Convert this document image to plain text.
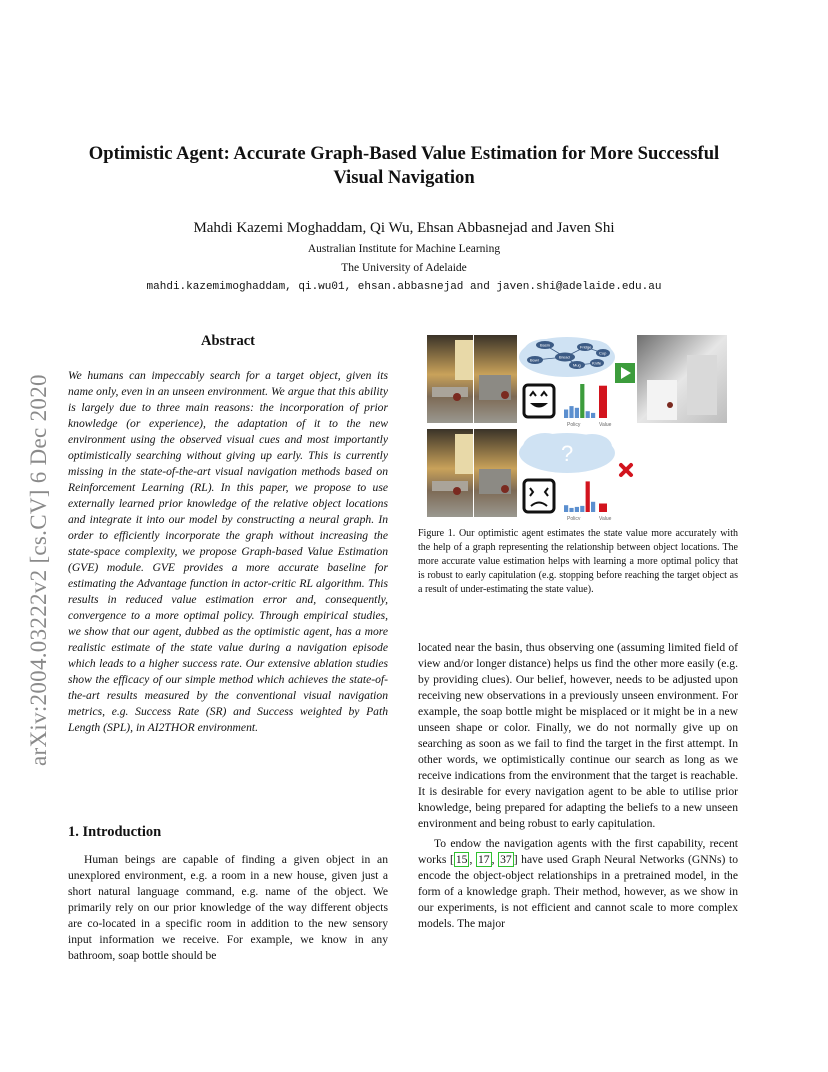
arXiv:2004.03222v2 [cs.CV] 6 Dec 2020
Optimistic Agent: Accurate Graph-Based Value Estimation for More Successful
Visual Navigation
Mahdi Kazemi Moghaddam, Qi Wu, Ehsan Abbasnejad and Javen Shi
Australian Institute for Machine Learning
The University of Adelaide
mahdi.kazemimoghaddam, qi.wu01, ehsan.abbasnejad and javen.shi@adelaide.edu.au
Abstract
We humans can impeccably search for a target object, given its name only, even in an unseen environment. We argue that this ability is largely due to three main reasons: the incorporation of prior knowledge (or experience), the adaptation of it to the new environment using the observed visual cues and most importantly optimistically searching without giving up early. This is currently missing in the state-of-the-art visual navigation methods based on Reinforcement Learning (RL). In this paper, we propose to use externally learned prior knowledge of the relative object locations and integrate it into our model by constructing a neural graph. In order to efficiently incorporate the graph without increasing the state-space complexity, we propose Graph-based Value Estimation (GVE) module. GVE provides a more accurate baseline for estimating the Advantage function in actor-critic RL algorithm. This results in reduced value estimation error and, consequently, convergence to a more optimal policy. Through empirical studies, we show that our agent, dubbed as the optimistic agent, has a more realistic estimate of the state value during a navigation episode which leads to a higher success rate. Our extensive ablation studies show the efficacy of our simple method which achieves the state-of-the-art results measured by the conventional visual navigation metrics, e.g. Success Rate (SR) and Success weighted by Path Length (SPL), in AI2THOR environment.
1. Introduction
Human beings are capable of finding a given object in an unexplored environment, e.g. a room in a new house, given just a short natural language command, e.g. name of the object. We primarily rely on our prior knowledge of the way different objects are co-located in a specific room in addition to the new sensory input information we receive. For example, we know in any bathroom, soap bottle should be
Fridge
Basin
Bowl
Bread
Mug
Cup
Knife
Policy	Value
?
Policy	Value
Figure 1. Our optimistic agent estimates the state value more accurately with the help of a graph representing the relationship between object locations. The more accurate value estimation helps with learning a more optimal policy that is robust to early capitulation (e.g. stopping before reaching the target object as a result of under-estimating the state value).

located near the basin, thus observing one (assuming limited field of view and/or longer distance) helps us find the other more easily (e.g. by providing clues). Our belief, however, needs to be adjusted upon receiving new observations in a previously unseen environment. For example, the soap bottle might be misplaced or it might be in a new unseen shape or color. Finally, we do not normally give up on searching as soon as we fail to find the target in the first attempt. In other words, we optimistically continue our search as long as we receive indications from the environment that the target is reachable. It is desirable for every navigation agent to be able to utilise prior knowledge, being prepared for adapting the beliefs to a new unseen environment and being robust to early capitulation.

To endow the navigation agents with the first capability, recent works [ 15 , 17 , 37 ] have used Graph Neural Networks (GNNs) to encode the object-object relationships in a pretrained model, in the form of a knowledge graph. Their method, however, as we show in our experiments, is not efficient and cannot scale to more complex models. The major
